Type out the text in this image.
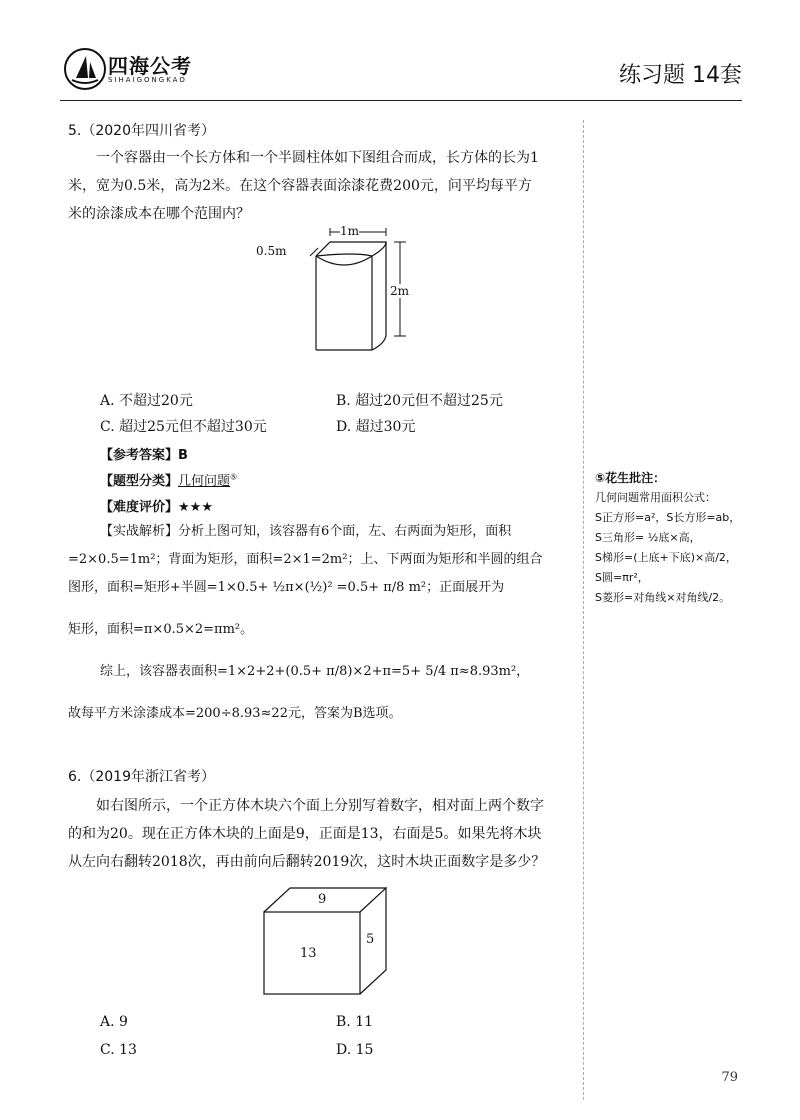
四海公考
SIHAIGONGKAO	练习题 14套
5.（2020年四川省考）
一个容器由一个长方体和一个半圆柱体如下图组合而成，长方体的长为1
米，宽为0.5米，高为2米。在这个容器表面涂漆花费200元，问平均每平方
米的涂漆成本在哪个范围内？
1m
0.5m
2m
A. 不超过20元	B. 超过20元但不超过25元
C. 超过25元但不超过30元	D. 超过30元
【参考答案】B
【题型分类】几何问题⑤
【难度评价】★★★
【实战解析】分析上图可知，该容器有6个面，左、右两面为矩形，面积
=2×0.5=1m²；背面为矩形，面积=2×1=2m²；上、下两面为矩形和半圆的组合
图形，面积=矩形+半圆=1×0.5+ ½π×(½)² =0.5+ π/8 m²；正面展开为
矩形，面积=π×0.5×2=πm²。
综上，该容器表面积=1×2+2+(0.5+ π/8)×2+π=5+ 5/4 π≈8.93m²，
故每平方米涂漆成本=200÷8.93≈22元，答案为B选项。
⑤花生批注：
几何问题常用面积公式：
S正方形=a²，S长方形=ab，
S三角形= ½底×高，
S梯形=(上底+下底)×高/2，
S圆=πr²，
S菱形=对角线×对角线/2。
6.（2019年浙江省考）
如右图所示，一个正方体木块六个面上分别写着数字，相对面上两个数字
的和为20。现在正方体木块的上面是9，正面是13，右面是5。如果先将木块
从左向右翻转2018次，再由前向后翻转2019次，这时木块正面数字是多少？
9
13
5
A. 9	B. 11
C. 13	D. 15
79
